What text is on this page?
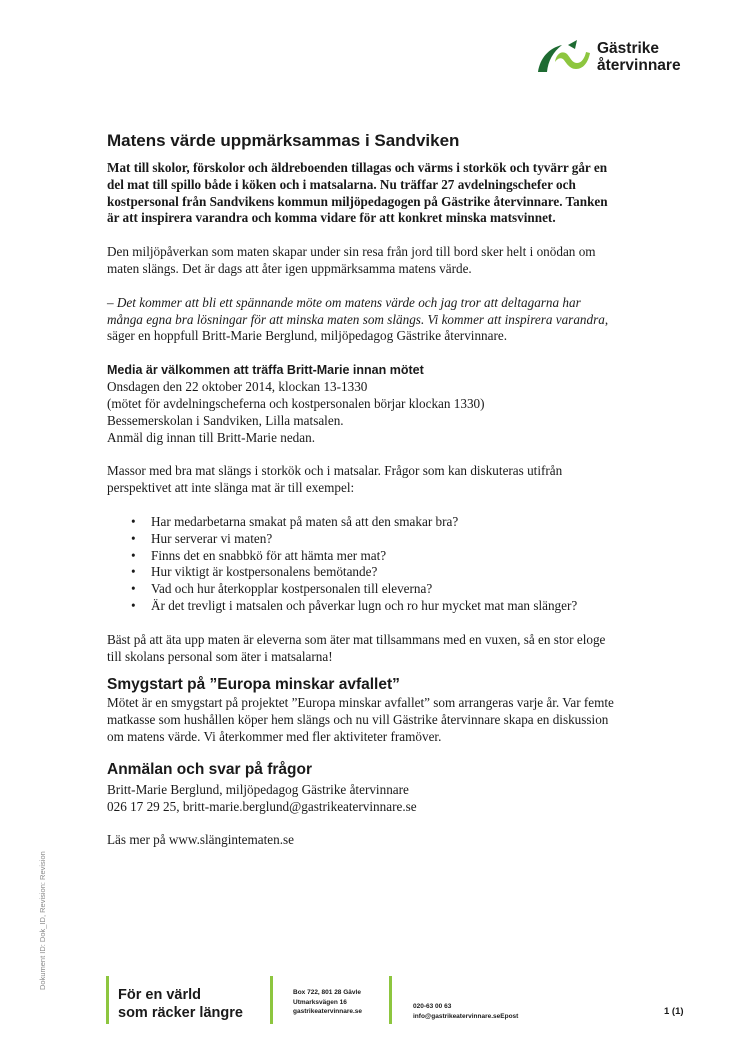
Gästrike
återvinnare
Matens värde uppmärksammas i Sandviken

Mat till skolor, förskolor och äldreboenden tillagas och värms i storkök och tyvärr går en del mat till spillo både i köken och i matsalarna. Nu träffar 27 avdelningschefer och kostpersonal från Sandvikens kommun miljöpedagogen på Gästrike återvinnare. Tanken är att inspirera varandra och komma vidare för att konkret minska matsvinnet.

Den miljöpåverkan som maten skapar under sin resa från jord till bord sker helt i onödan om maten slängs. Det är dags att åter igen uppmärksamma matens värde.

– Det kommer att bli ett spännande möte om matens värde och jag tror att deltagarna har många egna bra lösningar för att minska maten som slängs. Vi kommer att inspirera varandra, säger en hoppfull Britt-Marie Berglund, miljöpedagog Gästrike återvinnare.

Media är välkommen att träffa Britt-Marie innan mötet

Onsdagen den 22 oktober 2014, klockan 13-1330
(mötet för avdelningscheferna och kostpersonalen börjar klockan 1330)
Bessemerskolan i Sandviken, Lilla matsalen.
Anmäl dig innan till Britt-Marie nedan.

Massor med bra mat slängs i storkök och i matsalar. Frågor som kan diskuteras utifrån perspektivet att inte slänga mat är till exempel:

• Har medarbetarna smakat på maten så att den smakar bra?
• Hur serverar vi maten?
• Finns det en snabbkö för att hämta mer mat?
• Hur viktigt är kostpersonalens bemötande?
• Vad och hur återkopplar kostpersonalen till eleverna?
• Är det trevligt i matsalen och påverkar lugn och ro hur mycket mat man slänger?

Bäst på att äta upp maten är eleverna som äter mat tillsammans med en vuxen, så en stor eloge till skolans personal som äter i matsalarna!

Smygstart på ”Europa minskar avfallet”

Mötet är en smygstart på projektet ”Europa minskar avfallet” som arrangeras varje år. Var femte matkasse som hushållen köper hem slängs och nu vill Gästrike återvinnare skapa en diskussion om matens värde. Vi återkommer med fler aktiviteter framöver.

Anmälan och svar på frågor

Britt-Marie Berglund, miljöpedagog Gästrike återvinnare
026 17 29 25, britt-marie.berglund@gastrikeatervinnare.se

Läs mer på www.slängintematen.se

Dokument ID: Dok_ID, Revision: Revision
För en värld
som räcker längre
Box 722, 801 28 Gävle
Utmarksvägen 16
gastrikeatervinnare.se
020-63 00 63
info@gastrikeatervinnare.seEpost	1 (1)
